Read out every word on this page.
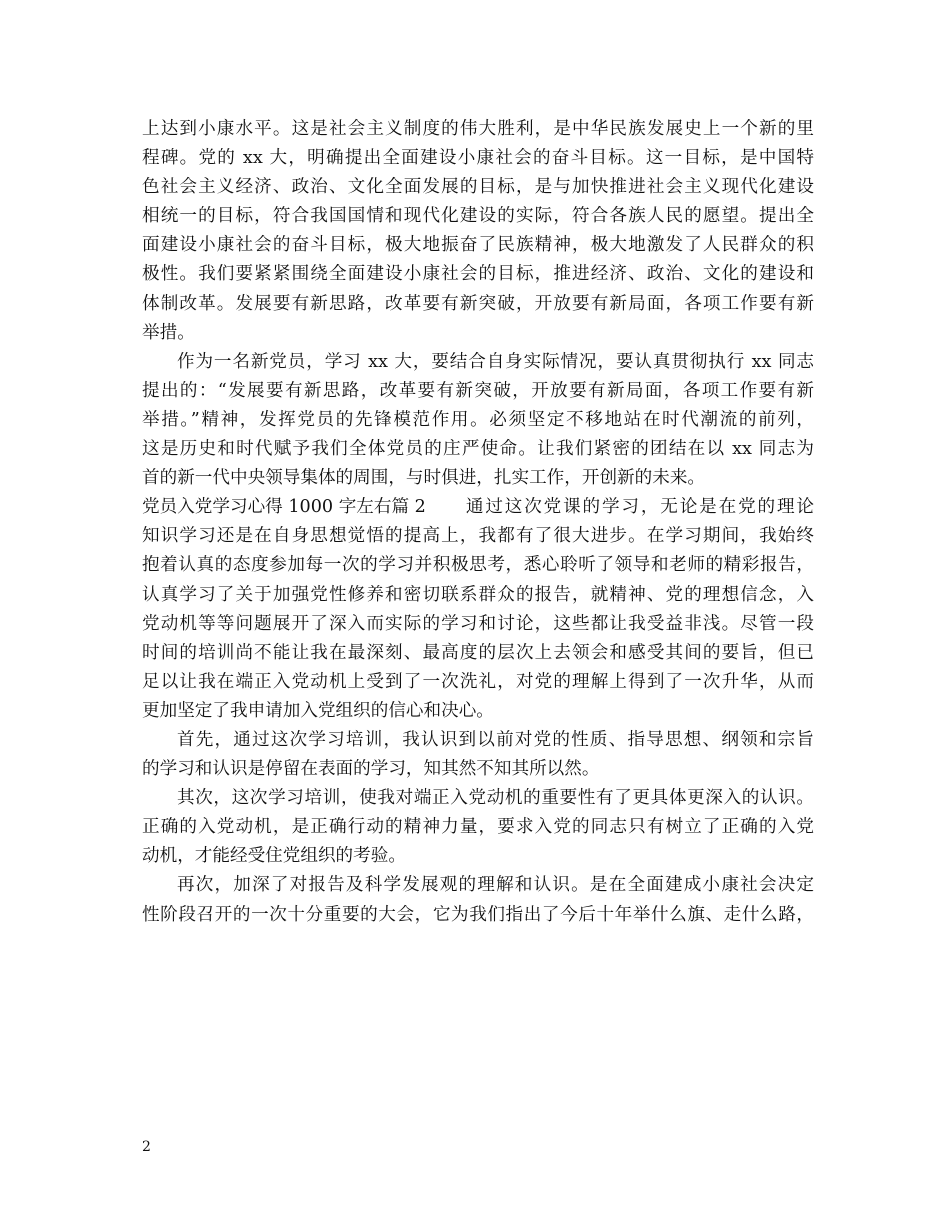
上达到小康水平。这是社会主义制度的伟大胜利，是中华民族发展史上一个新的里
程碑。党的 xx 大，明确提出全面建设小康社会的奋斗目标。这一目标，是中国特
色社会主义经济、政治、文化全面发展的目标，是与加快推进社会主义现代化建设
相统一的目标，符合我国国情和现代化建设的实际，符合各族人民的愿望。提出全
面建设小康社会的奋斗目标，极大地振奋了民族精神，极大地激发了人民群众的积
极性。我们要紧紧围绕全面建设小康社会的目标，推进经济、政治、文化的建设和
体制改革。发展要有新思路，改革要有新突破，开放要有新局面，各项工作要有新
举措。
作为一名新党员，学习 xx 大，要结合自身实际情况，要认真贯彻执行 xx 同志
提出的：“发展要有新思路，改革要有新突破，开放要有新局面，各项工作要有新
举措。”精神，发挥党员的先锋模范作用。必须坚定不移地站在时代潮流的前列，
这是历史和时代赋予我们全体党员的庄严使命。让我们紧密的团结在以 xx 同志为
首的新一代中央领导集体的周围，与时俱进，扎实工作，开创新的未来。
党员入党学习心得 1000 字左右篇 2 通过这次党课的学习，无论是在党的理论
知识学习还是在自身思想觉悟的提高上，我都有了很大进步。在学习期间，我始终
抱着认真的态度参加每一次的学习并积极思考，悉心聆听了领导和老师的精彩报告，
认真学习了关于加强党性修养和密切联系群众的报告，就精神、党的理想信念，入
党动机等等问题展开了深入而实际的学习和讨论，这些都让我受益非浅。尽管一段
时间的培训尚不能让我在最深刻、最高度的层次上去领会和感受其间的要旨，但已
足以让我在端正入党动机上受到了一次洗礼，对党的理解上得到了一次升华，从而
更加坚定了我申请加入党组织的信心和决心。
首先，通过这次学习培训，我认识到以前对党的性质、指导思想、纲领和宗旨
的学习和认识是停留在表面的学习，知其然不知其所以然。
其次，这次学习培训，使我对端正入党动机的重要性有了更具体更深入的认识。
正确的入党动机，是正确行动的精神力量，要求入党的同志只有树立了正确的入党
动机，才能经受住党组织的考验。
再次，加深了对报告及科学发展观的理解和认识。是在全面建成小康社会决定
性阶段召开的一次十分重要的大会，它为我们指出了今后十年举什么旗、走什么路，
2
